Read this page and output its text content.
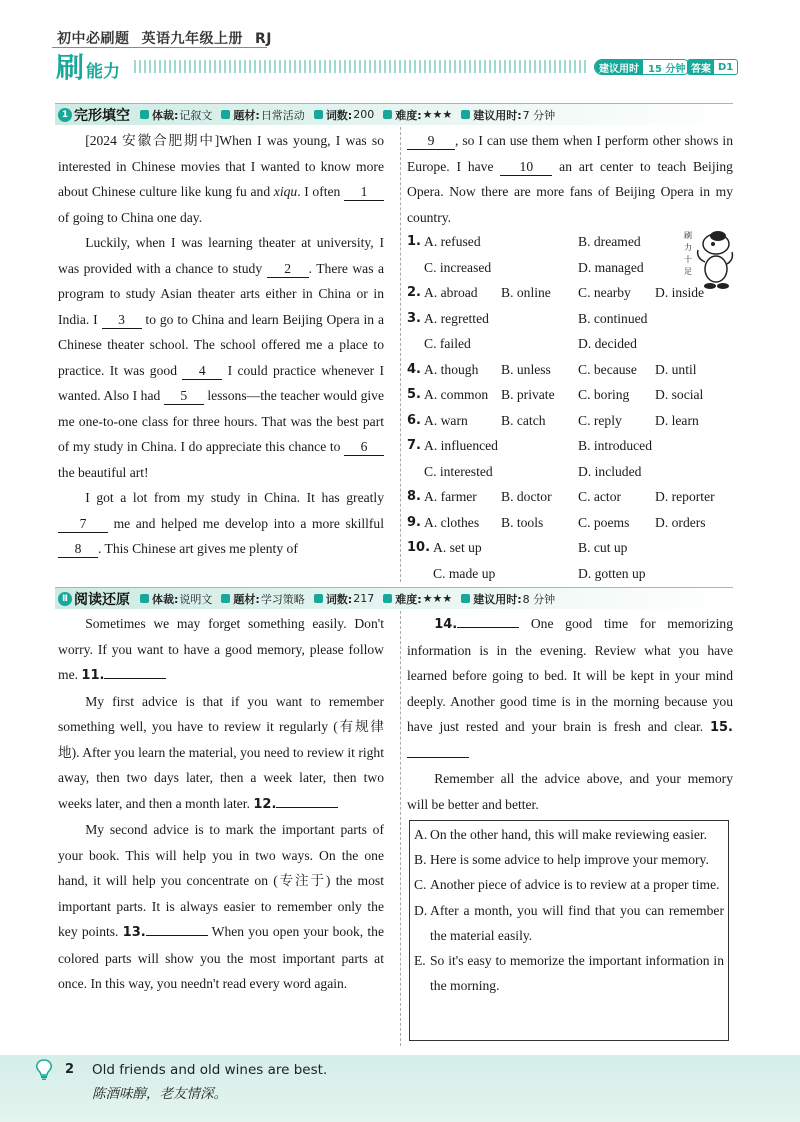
初中必刷题 英语九年级上册 RJ
刷 能力	建议用时 15 分钟 答案 D1
1 完形填空 体裁: 记叙文 题材: 日常活动 词数: 200 难度: ★★★ 建议用时: 7 分钟

[2024 安徽合肥期中]When I was young, I was so interested in Chinese movies that I wanted to know more about Chinese culture like kung fu and xiqu. I often 1 of going to China one day.

Luckily, when I was learning theater at university, I was provided with a chance to study 2 . There was a program to study Asian theater arts either in China or in India. I 3 to go to China and learn Beijing Opera in a Chinese theater school. The school offered me a place to practice. It was good 4 I could practice whenever I wanted. Also I had 5 lessons—the teacher would give me one-to-one class for three hours. That was the best part of my study in China. I do appreciate this chance to 6 the beautiful art!

I got a lot from my study in China. It has greatly 7 me and helped me develop into a more skillful 8 . This Chinese art gives me plenty of

9 , so I can use them when I perform other shows in Europe. I have 10 an art center to teach Beijing Opera. Now there are more fans of Beijing Opera in my country.

1. A. refused	B. dreamed
C. increased	D. managed
2. A. abroad	B. online	C. nearby	D. inside
3. A. regretted	B. continued
C. failed	D. decided
4. A. though	B. unless	C. because	D. until
5. A. common B. private	C. boring	D. social
6. A. warn	B. catch	C. reply	D. learn
7. A. influenced	B. introduced
C. interested	D. included
8. A. farmer	B. doctor	C. actor	D. reporter
9. A. clothes	B. tools	C. poems	D. orders
10. A. set up	B. cut up
C. made up	D. gotten up
刷
力
十
足
Ⅱ 阅读还原 体裁: 说明文 题材: 学习策略 词数: 217 难度: ★★★ 建议用时: 8 分钟

Sometimes we may forget something easily. Don't worry. If you want to have a good memory, please follow me. 11.

My first advice is that if you want to remember something well, you have to review it regularly (有规律地). After you learn the material, you need to review it right away, then two days later, then a week later, then two weeks later, and then a month later. 12.

My second advice is to mark the important parts of your book. This will help you in two ways. On the one hand, it will help you concentrate on (专注于) the most important parts. It is always easier to remember only the key points. 13.	When you open your book, the colored parts will show you the most important parts at once. In this way, you needn't read every word again.

14.	One good time for memorizing information is in the evening. Review what you have learned before going to bed. It will be kept in your mind deeply. Another good time is in the morning because you have just rested and your brain is fresh and clear. 15.

Remember all the advice above, and your memory will be better and better.

A. On the other hand, this will make reviewing easier.
B. Here is some advice to help improve your memory.
C. Another piece of advice is to review at a proper time.
D. After a month, you will find that you can remember the material easily.
E. So it's easy to memorize the important information in the morning.
2 Old friends and old wines are best.
陈酒味醇，老友情深。
